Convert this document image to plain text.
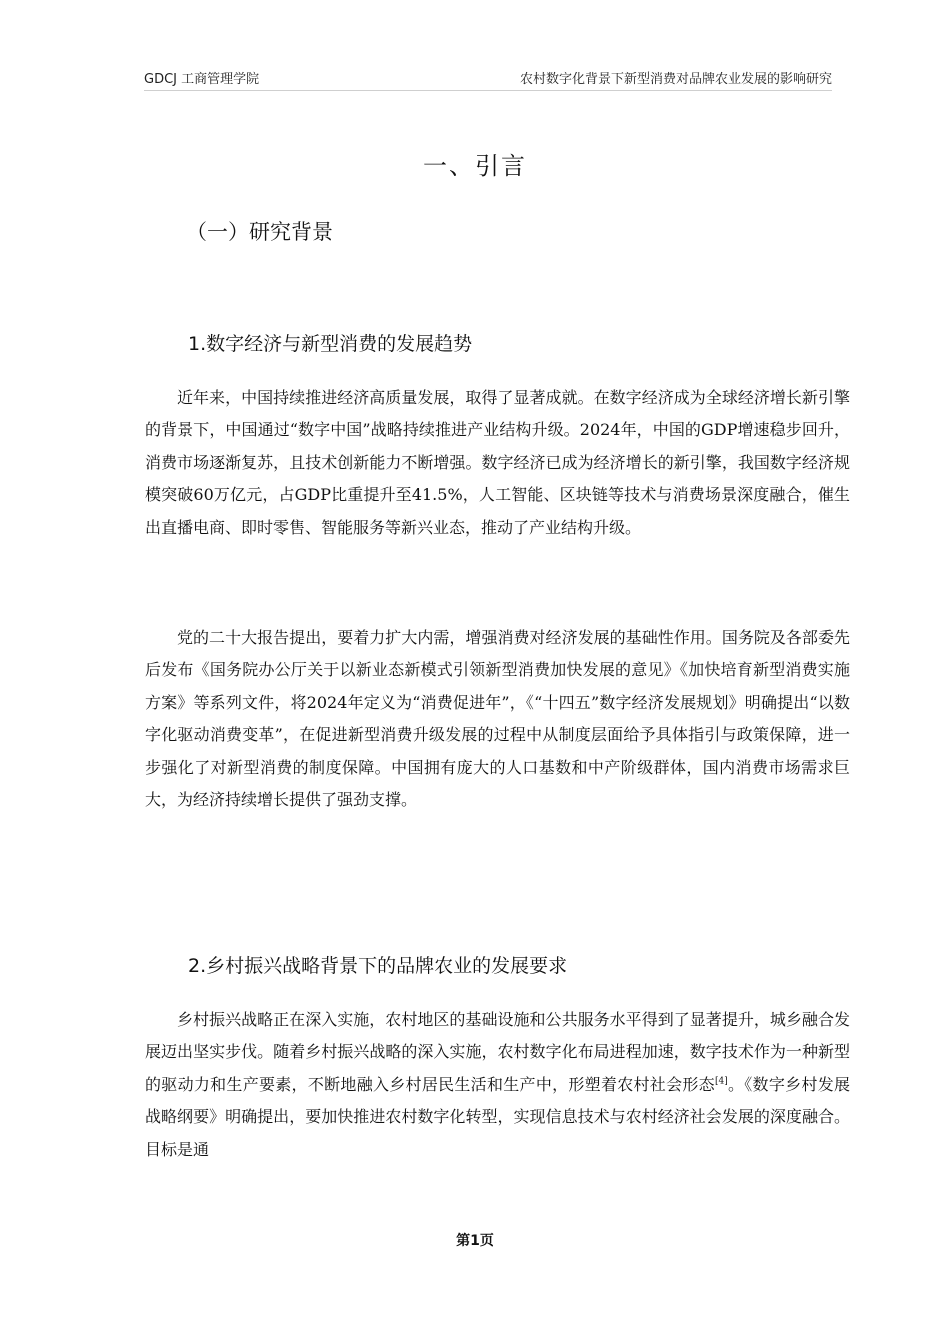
GDCJ 工商管理学院	农村数字化背景下新型消费对品牌农业发展的影响研究
一、引言
（一）研究背景
1.数字经济与新型消费的发展趋势

近年来，中国持续推进经济高质量发展，取得了显著成就。在数字经济成为全球经济增长新引擎的背景下，中国通过“数字中国”战略持续推进产业结构升级。2024年，中国的GDP增速稳步回升，消费市场逐渐复苏，且技术创新能力不断增强。数字经济已成为经济增长的新引擎，我国数字经济规模突破60万亿元，占GDP比重提升至41.5%，人工智能、区块链等技术与消费场景深度融合，催生出直播电商、即时零售、智能服务等新兴业态，推动了产业结构升级。

党的二十大报告提出，要着力扩大内需，增强消费对经济发展的基础性作用。国务院及各部委先后发布《国务院办公厅关于以新业态新模式引领新型消费加快发展的意见》《加快培育新型消费实施方案》等系列文件，将2024年定义为“消费促进年”，《“十四五”数字经济发展规划》明确提出“以数字化驱动消费变革”，在促进新型消费升级发展的过程中从制度层面给予具体指引与政策保障，进一步强化了对新型消费的制度保障。中国拥有庞大的人口基数和中产阶级群体，国内消费市场需求巨大，为经济持续增长提供了强劲支撑。

2.乡村振兴战略背景下的品牌农业的发展要求

乡村振兴战略正在深入实施，农村地区的基础设施和公共服务水平得到了显著提升，城乡融合发展迈出坚实步伐。随着乡村振兴战略的深入实施，农村数字化布局进程加速，数字技术作为一种新型的驱动力和生产要素，不断地融入乡村居民生活和生产中，形塑着农村社会形态[4]。《数字乡村发展战略纲要》明确提出，要加快推进农村数字化转型，实现信息技术与农村经济社会发展的深度融合。目标是通

第1页
